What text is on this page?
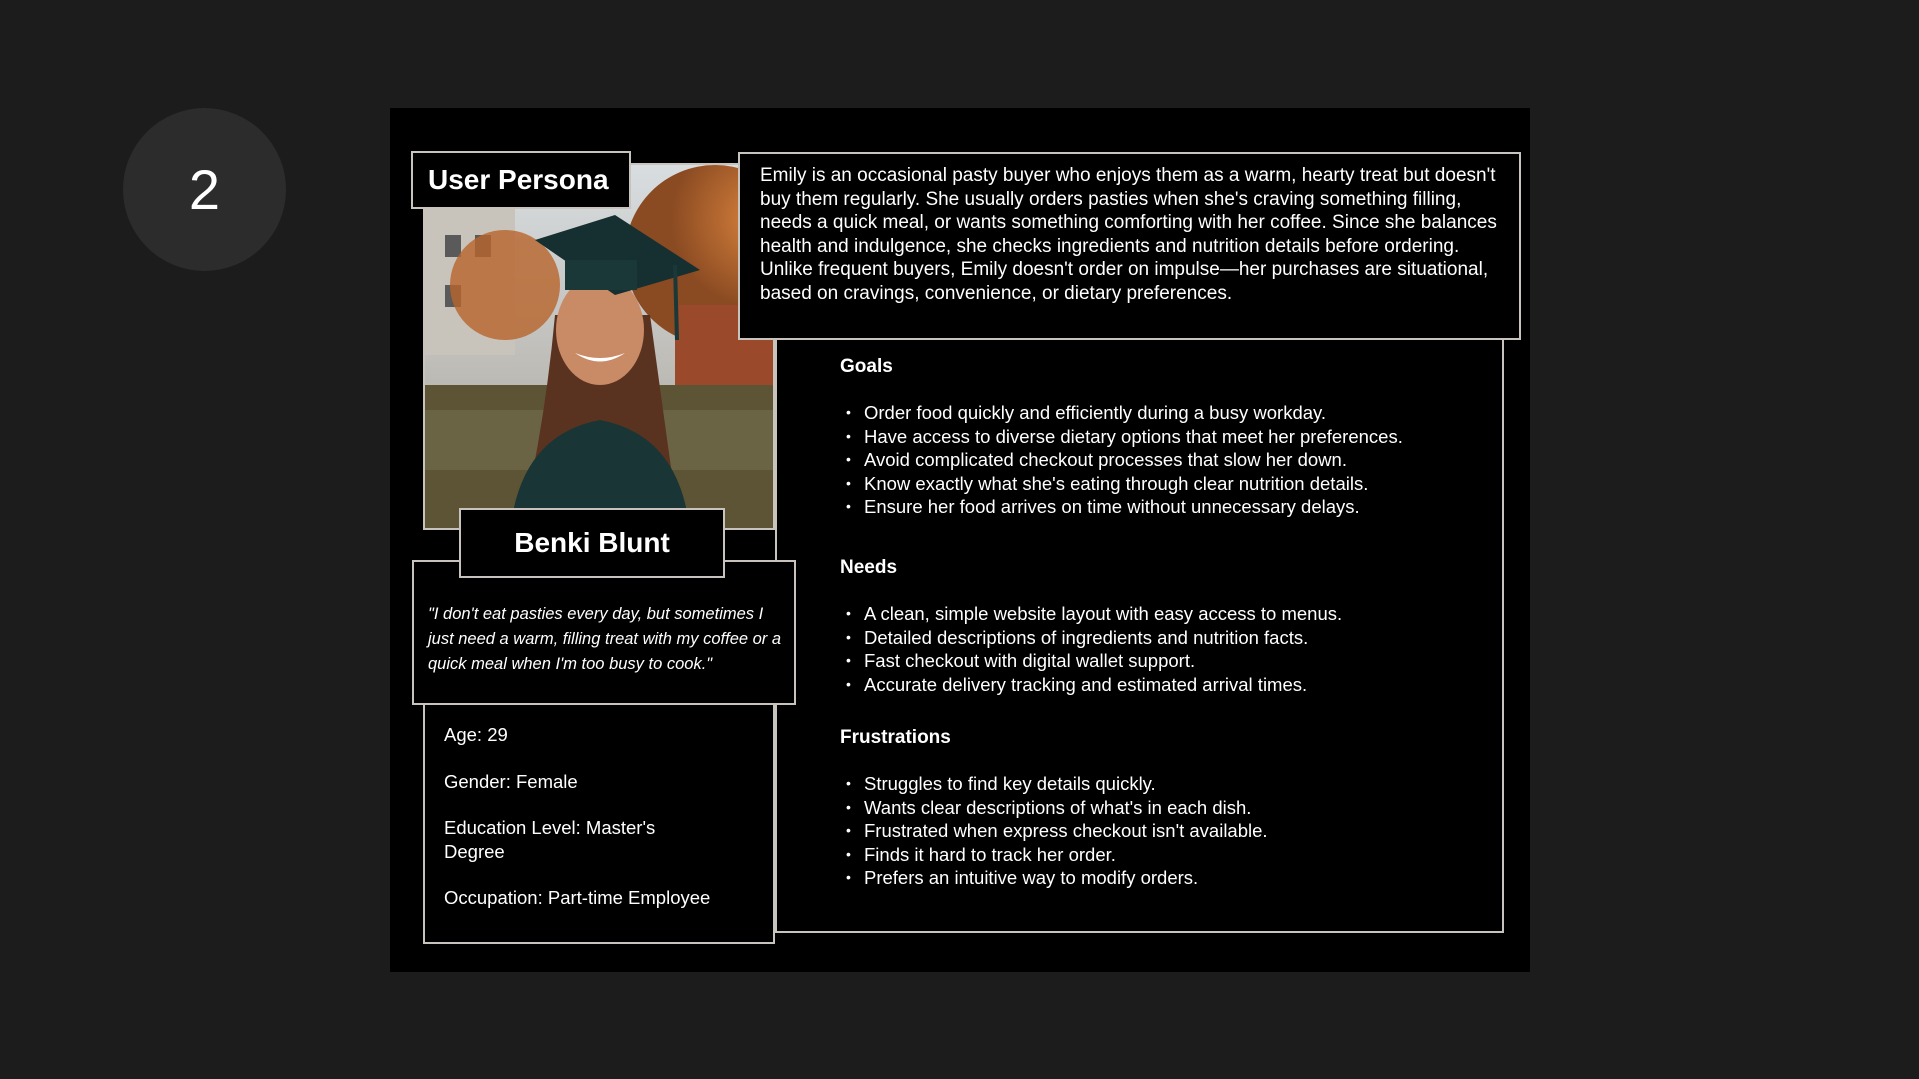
2	User Persona	Emily is an occasional pasty buyer who enjoys them as a warm, hearty treat but doesn't buy them regularly. She usually orders pasties when she's craving something filling, needs a quick meal, or wants something comforting with her coffee. Since she balances health and indulgence, she checks ingredients and nutrition details before ordering. Unlike frequent buyers, Emily doesn't order on impulse—her purchases are situational, based on cravings, convenience, or dietary preferences.
"I don't eat pasties every day, but sometimes I just need a warm, filling treat with my coffee or a quick meal when I'm too busy to cook."
Benki Blunt

Age: 29

Gender: Female

Education Level: Master's Degree

Occupation: Part-time Employee

Goals
• Order food quickly and efficiently during a busy workday.
• Have access to diverse dietary options that meet her preferences.
• Avoid complicated checkout processes that slow her down.
• Know exactly what she's eating through clear nutrition details.
• Ensure her food arrives on time without unnecessary delays.
Needs
• A clean, simple website layout with easy access to menus.
• Detailed descriptions of ingredients and nutrition facts.
• Fast checkout with digital wallet support.
• Accurate delivery tracking and estimated arrival times.
Frustrations
• Struggles to find key details quickly.
• Wants clear descriptions of what's in each dish.
• Frustrated when express checkout isn't available.
• Finds it hard to track her order.
• Prefers an intuitive way to modify orders.
